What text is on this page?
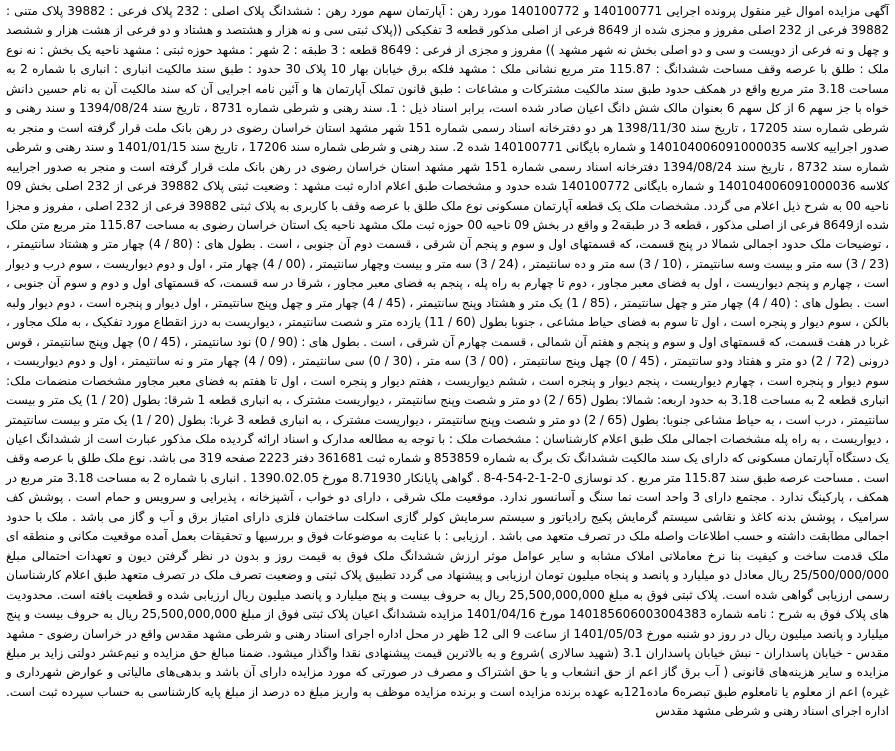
آگهی مزایده اموال غیر منقول پرونده اجرایی 140100771 و 140100772 مورد رهن : آپارتمان سهم مورد رهن : ششدانگ پلاک اصلی : 232 پلاک فرعی : 39882 پلاک متنی : 39882 فرعی از 232 اصلی مفروز و مجزی شده از 8649 فرعی از اصلی مذکور قطعه 3 تفکیکی ((پلاک ثبتی سی و نه هزار و هشتصد و هشتاد و دو فرعی از هشت هزار و ششصد و چهل و نه فرعی از دویست و سی و دو اصلی بخش نه شهر مشهد )) مفروز و مجزی از فرعی : 8649 قطعه : 3 طبقه : 2 شهر : مشهد حوزه ثبتی : مشهد ناحیه یک بخش : نه نوع ملک : طلق با عرصه وقف مساحت ششدانگ : 115.87 متر مربع نشانی ملک : مشهد فلکه برق خیابان بهار 10 پلاک 30 حدود : طبق سند مالکیت انباری : انباری با شماره 2 به مساحت 3.18 متر مربع واقع در همکف حدود طبق سند مالکیت مشترکات و مشاعات : طبق قانون تملک آپارتمان ها و آئین نامه اجرایی آن که سند مالکیت آن به نام حسین دانش خواه با جز سهم 6 از کل سهم 6 بعنوان مالک شش دانگ اعیان صادر شده است، برابر اسناد ذیل : 1. سند رهنی و شرطی شماره 8731 ، تاریخ سند 1394/08/24 و سند رهنی و شرطی شماره سند 17205 ، تاریخ سند 1398/11/30 هر دو دفترخانه اسناد رسمی شماره 151 شهر مشهد استان خراسان رضوی در رهن بانک ملت قرار گرفته است و منجر به صدور اجراییه کلاسه 140104006091000035 و شماره بایگانی 140100771 شده 2. سند رهنی و شرطی شماره سند 17206 ، تاریخ سند 1401/01/15 و سند رهنی و شرطی شماره سند 8732 ، تاریخ سند 1394/08/24 دفترخانه اسناد رسمی شماره 151 شهر مشهد استان خراسان رضوی در رهن بانک ملت قرار گرفته است و منجر به صدور اجراییه کلاسه 140104006091000036 و شماره بایگانی 140100772 شده حدود و مشخصات طبق اعلام اداره ثبت مشهد : وضعیت ثبتی پلاک 39882 فرعی از 232 اصلی بخش 09 ناحیه 00 به شرح ذیل اعلام می گردد. مشخصات ملک یک قطعه آپارتمان مسکونی نوع ملک طلق با عرصه وقف با کاربری به پلاک ثبتی 39882 فرعی از 232 اصلی ، مفروز و مجزا شده از8649 فرعی از اصلی مذکور ، قطعه 3 در طبقه2 و واقع در بخش 09 ناحیه 00 حوزه ثبت ملک مشهد ناحیه یک استان خراسان رضوی به مساحت 115.87 متر مربع متن ملک ، توضیحات ملک حدود اجمالی شمالا در پنج قسمت، که قسمتهای اول و سوم و پنجم آن شرقی ، قسمت دوم آن جنوبی ، است . بطول های : (80 / 4) چهار متر و هشتاد سانتیمتر ، (23 / 3) سه متر و بیست وسه سانتیمتر ، (10 / 3) سه متر و ده سانتیمتر ، (24 / 3) سه متر و بیست وچهار سانتیمتر ، (00 / 4) چهار متر ، اول و دوم دیواریست ، سوم درب و دیوار است ، چهارم و پنجم دیواریست ، اول به فضای معبر مجاور ، دوم تا چهارم به راه پله ، پنجم به فضای معبر مجاور ، شرقا در سه قسمت، که قسمتهای اول و دوم و سوم آن جنوبی ، است . بطول های : (40 / 4) چهار متر و چهل سانتیمتر ، (85 / 1) یک متر و هشتاد وپنج سانتیمتر ، (45 / 4) چهار متر و چهل وپنج سانتیمتر ، اول دیوار و پنجره است ، دوم دیوار ولبه بالکن ، سوم دیوار و پنجره است ، اول تا سوم به فضای حیاط مشاعی ، جنوبا بطول (60 / 11) یازده متر و شصت سانتیمتر ، دیواریست به درز انقطاع مورد تفکیک ، به ملک مجاور ، غربا در هفت قسمت، که قسمتهای اول و سوم و پنجم و هفتم آن شمالی ، قسمت چهارم آن شرقی ، است . بطول های : (90 / 0) نود سانتیمتر ، (45 / 0) چهل وپنج سانتیمتر ، قوس درونی (72 / 2) دو متر و هفتاد ودو سانتیمتر ، (45 / 0) چهل وپنج سانتیمتر ، (00 / 3) سه متر ، (30 / 0) سی سانتیمتر ، (09 / 4) چهار متر و نه سانتیمتر ، اول و دوم دیواریست ، سوم دیوار و پنجره است ، چهارم دیواریست ، پنجم دیوار و پنجره است ، ششم دیواریست ، هفتم دیوار و پنجره است ، اول تا هفتم به فضای معبر مجاور مشخصات منضمات ملک: انباری قطعه 2 به مساحت 3.18 به حدود اربعه: شمالا: بطول (65 / 2) دو متر و شصت وپنج سانتیمتر ، دیواریست مشترک ، به انباری قطعه 1 شرقا: بطول (20 / 1) یک متر و بیست سانتیمتر ، درب است ، به حیاط مشاعی جنوبا: بطول (65 / 2) دو متر و شصت وپنج سانتیمتر ، دیواریست مشترک ، به انباری قطعه 3 غربا: بطول (20 / 1) یک متر و بیست سانتیمتر ، دیواریست ، به راه پله مشخصات اجمالی ملک طبق اعلام کارشناسان : مشخصات ملک : با توجه به مطالعه مدارک و اسناد ارائه گردیده ملک مذکور عبارت است از ششدانگ اعیان یک دستگاه آپارتمان مسکونی که دارای یک سند مالکیت ششدانگ تک برگ به شماره 853859 و شماره ثبت 361681 دفتر 2223 صفحه 319 می باشد. نوع ملک طلق با عرصه وقف است . مساحت عرصه طبق سند 115.87 متر مربع . کد نوسازی 0-2-1-2-54-4-8 . گواهی پایانکار 8.71930 مورخ 1390.02.05 . انباری با شماره 2 به مساحت 3.18 متر مربع در همکف ، پارکینگ ندارد . مجتمع دارای 3 واحد است نما سنگ و آسانسور ندارد. موقعیت ملک شرقی ، دارای دو خواب ، آشپزخانه ، پذیرایی و سرویس و حمام است . پوشش کف سرامیک ، پوشش بدنه کاغذ و نقاشی سیستم گرمایش پکیج رادیاتور و سیستم سرمایش کولر گازی اسکلت ساختمان فلزی دارای امتیاز برق و آب و گاز می باشد . ملک با حدود اجمالی مطابقت داشته و حسب اطلاعات واصله ملک در تصرف متعهد می باشد . ارزیابی : با عنایت به موضوعات فوق و بررسیها و تحقیقات بعمل آمده موقعیت مکانی و منطقه ای ملک قدمت ساخت و کیفیت بنا نرخ معاملاتی املاک مشابه و سایر عوامل موثر ارزش ششدانگ ملک فوق به قیمت روز و بدون در نظر گرفتن دیون و تعهدات احتمالی مبلغ 25/500/000/000 ریال معادل دو میلیارد و پانصد و پنجاه میلیون تومان ارزیابی و پیشنهاد می گردد تطبیق پلاک ثبتی و وضعیت تصرف ملک در تصرف متعهد طبق اعلام کارشناسان رسمی ارزیابی گواهی شده است. پلاک ثبتی فوق به مبلغ 25,500,000,000 ریال به حروف بیست و پنج میلیارد و پانصد میلیون ریال ارزیابی شده و قطعیت یافته است. محدودیت های پلاک فوق به شرح : نامه شماره 140185606003004383 مورخ 1401/04/16 مزایده ششدانگ اعیان پلاک ثبتی فوق از مبلغ 25,500,000,000 ریال به حروف بیست و پنج میلیارد و پانصد میلیون ریال در روز دو شنبه مورخ 1401/05/03 از ساعت 9 الی 12 ظهر در محل اداره اجرای اسناد رهنی و شرطی مشهد مقدس واقع در خراسان رضوی - مشهد مقدس - خیابان پاسداران - نبش خیابان پاسداران 3.1 (شهید سالاری )شروع و به بالاترین قیمت پیشنهادی نقدا واگذار میشود. ضمنا مبالغ حق مزایده و نیم‌عشر دولتی زاید بر مبلغ مزایده و سایر هزینه‌های قانونی ( آب برق گاز اعم از حق انشعاب و یا حق اشتراک و مصرف در صورتی که مورد مزایده دارای آن باشد و بدهی‌های مالیاتی و عوارض شهرداری و غیره) اعم از معلوم یا نامعلوم طبق تبصره6 ماده121به عهده برنده مزایده است و برنده مزایده موظف به واریز مبلغ ده درصد از مبلغ پایه کارشناسی به حساب سپرده ثبت است. اداره اجرای اسناد رهنی و شرطی مشهد مقدس
